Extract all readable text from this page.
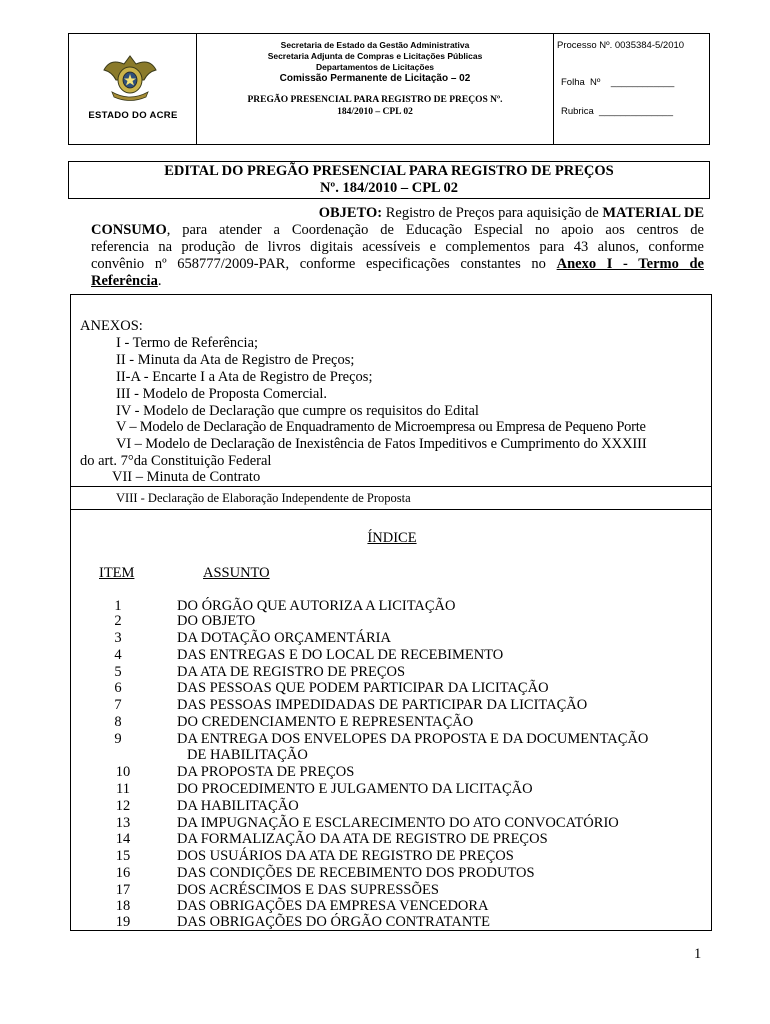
ESTADO DO ACRE
Secretaria de Estado da Gestão Administrativa
Secretaria Adjunta de Compras e Licitações Públicas
Departamentos de Licitações
Comissão Permanente de Licitação – 02
PREGÃO PRESENCIAL PARA REGISTRO DE PREÇOS Nº.
184/2010 – CPL 02
Processo Nº. 0035384-5/2010
Folha  Nº    ____________
Rubrica  ______________
EDITAL DO PREGÃO PRESENCIAL PARA REGISTRO DE PREÇOS
Nº. 184/2010 – CPL 02
OBJETO: Registro de Preços para aquisição de MATERIAL DE
CONSUMO, para atender a Coordenação de Educação Especial no apoio aos centros de
referencia na produção de livros digitais acessíveis e complementos para 43 alunos, conforme
convênio nº 658777/2009-PAR, conforme especificações constantes no Anexo I - Termo de
Referência.
ANEXOS:
I - Termo de Referência;
II - Minuta da Ata de Registro de Preços;
II-A - Encarte I a Ata de Registro de Preços;
III - Modelo de Proposta Comercial.
IV - Modelo de Declaração que cumpre os requisitos do Edital
V – Modelo de Declaração de Enquadramento de Microempresa ou Empresa de Pequeno Porte
VI – Modelo de Declaração de Inexistência de Fatos Impeditivos e Cumprimento do XXXIII
do art. 7°da Constituição Federal
VII – Minuta de Contrato
VIII - Declaração de Elaboração Independente de Proposta
ÍNDICE
ITEM	ASSUNTO
1	DO ÓRGÃO QUE AUTORIZA A LICITAÇÃO
2	DO OBJETO
3	DA DOTAÇÃO ORÇAMENTÁRIA
4	DAS ENTREGAS E DO LOCAL DE RECEBIMENTO
5	DA ATA DE REGISTRO DE PREÇOS
6	DAS PESSOAS QUE PODEM PARTICIPAR DA LICITAÇÃO
7	DAS PESSOAS IMPEDIDADAS DE PARTICIPAR DA LICITAÇÃO
8	DO CREDENCIAMENTO E REPRESENTAÇÃO
9	DA ENTREGA DOS ENVELOPES DA PROPOSTA E DA DOCUMENTAÇÃO
DE HABILITAÇÃO
10	DA PROPOSTA DE PREÇOS
11	DO PROCEDIMENTO E JULGAMENTO DA LICITAÇÃO
12	DA HABILITAÇÃO
13	DA IMPUGNAÇÃO E ESCLARECIMENTO DO ATO CONVOCATÓRIO
14	DA FORMALIZAÇÃO DA ATA DE REGISTRO DE PREÇOS
15	DOS USUÁRIOS DA ATA DE REGISTRO DE PREÇOS
16	DAS CONDIÇÕES DE RECEBIMENTO DOS PRODUTOS
17	DOS ACRÉSCIMOS E DAS SUPRESSÕES
18	DAS OBRIGAÇÕES DA EMPRESA VENCEDORA
19	DAS OBRIGAÇÕES DO ÓRGÃO CONTRATANTE
1
